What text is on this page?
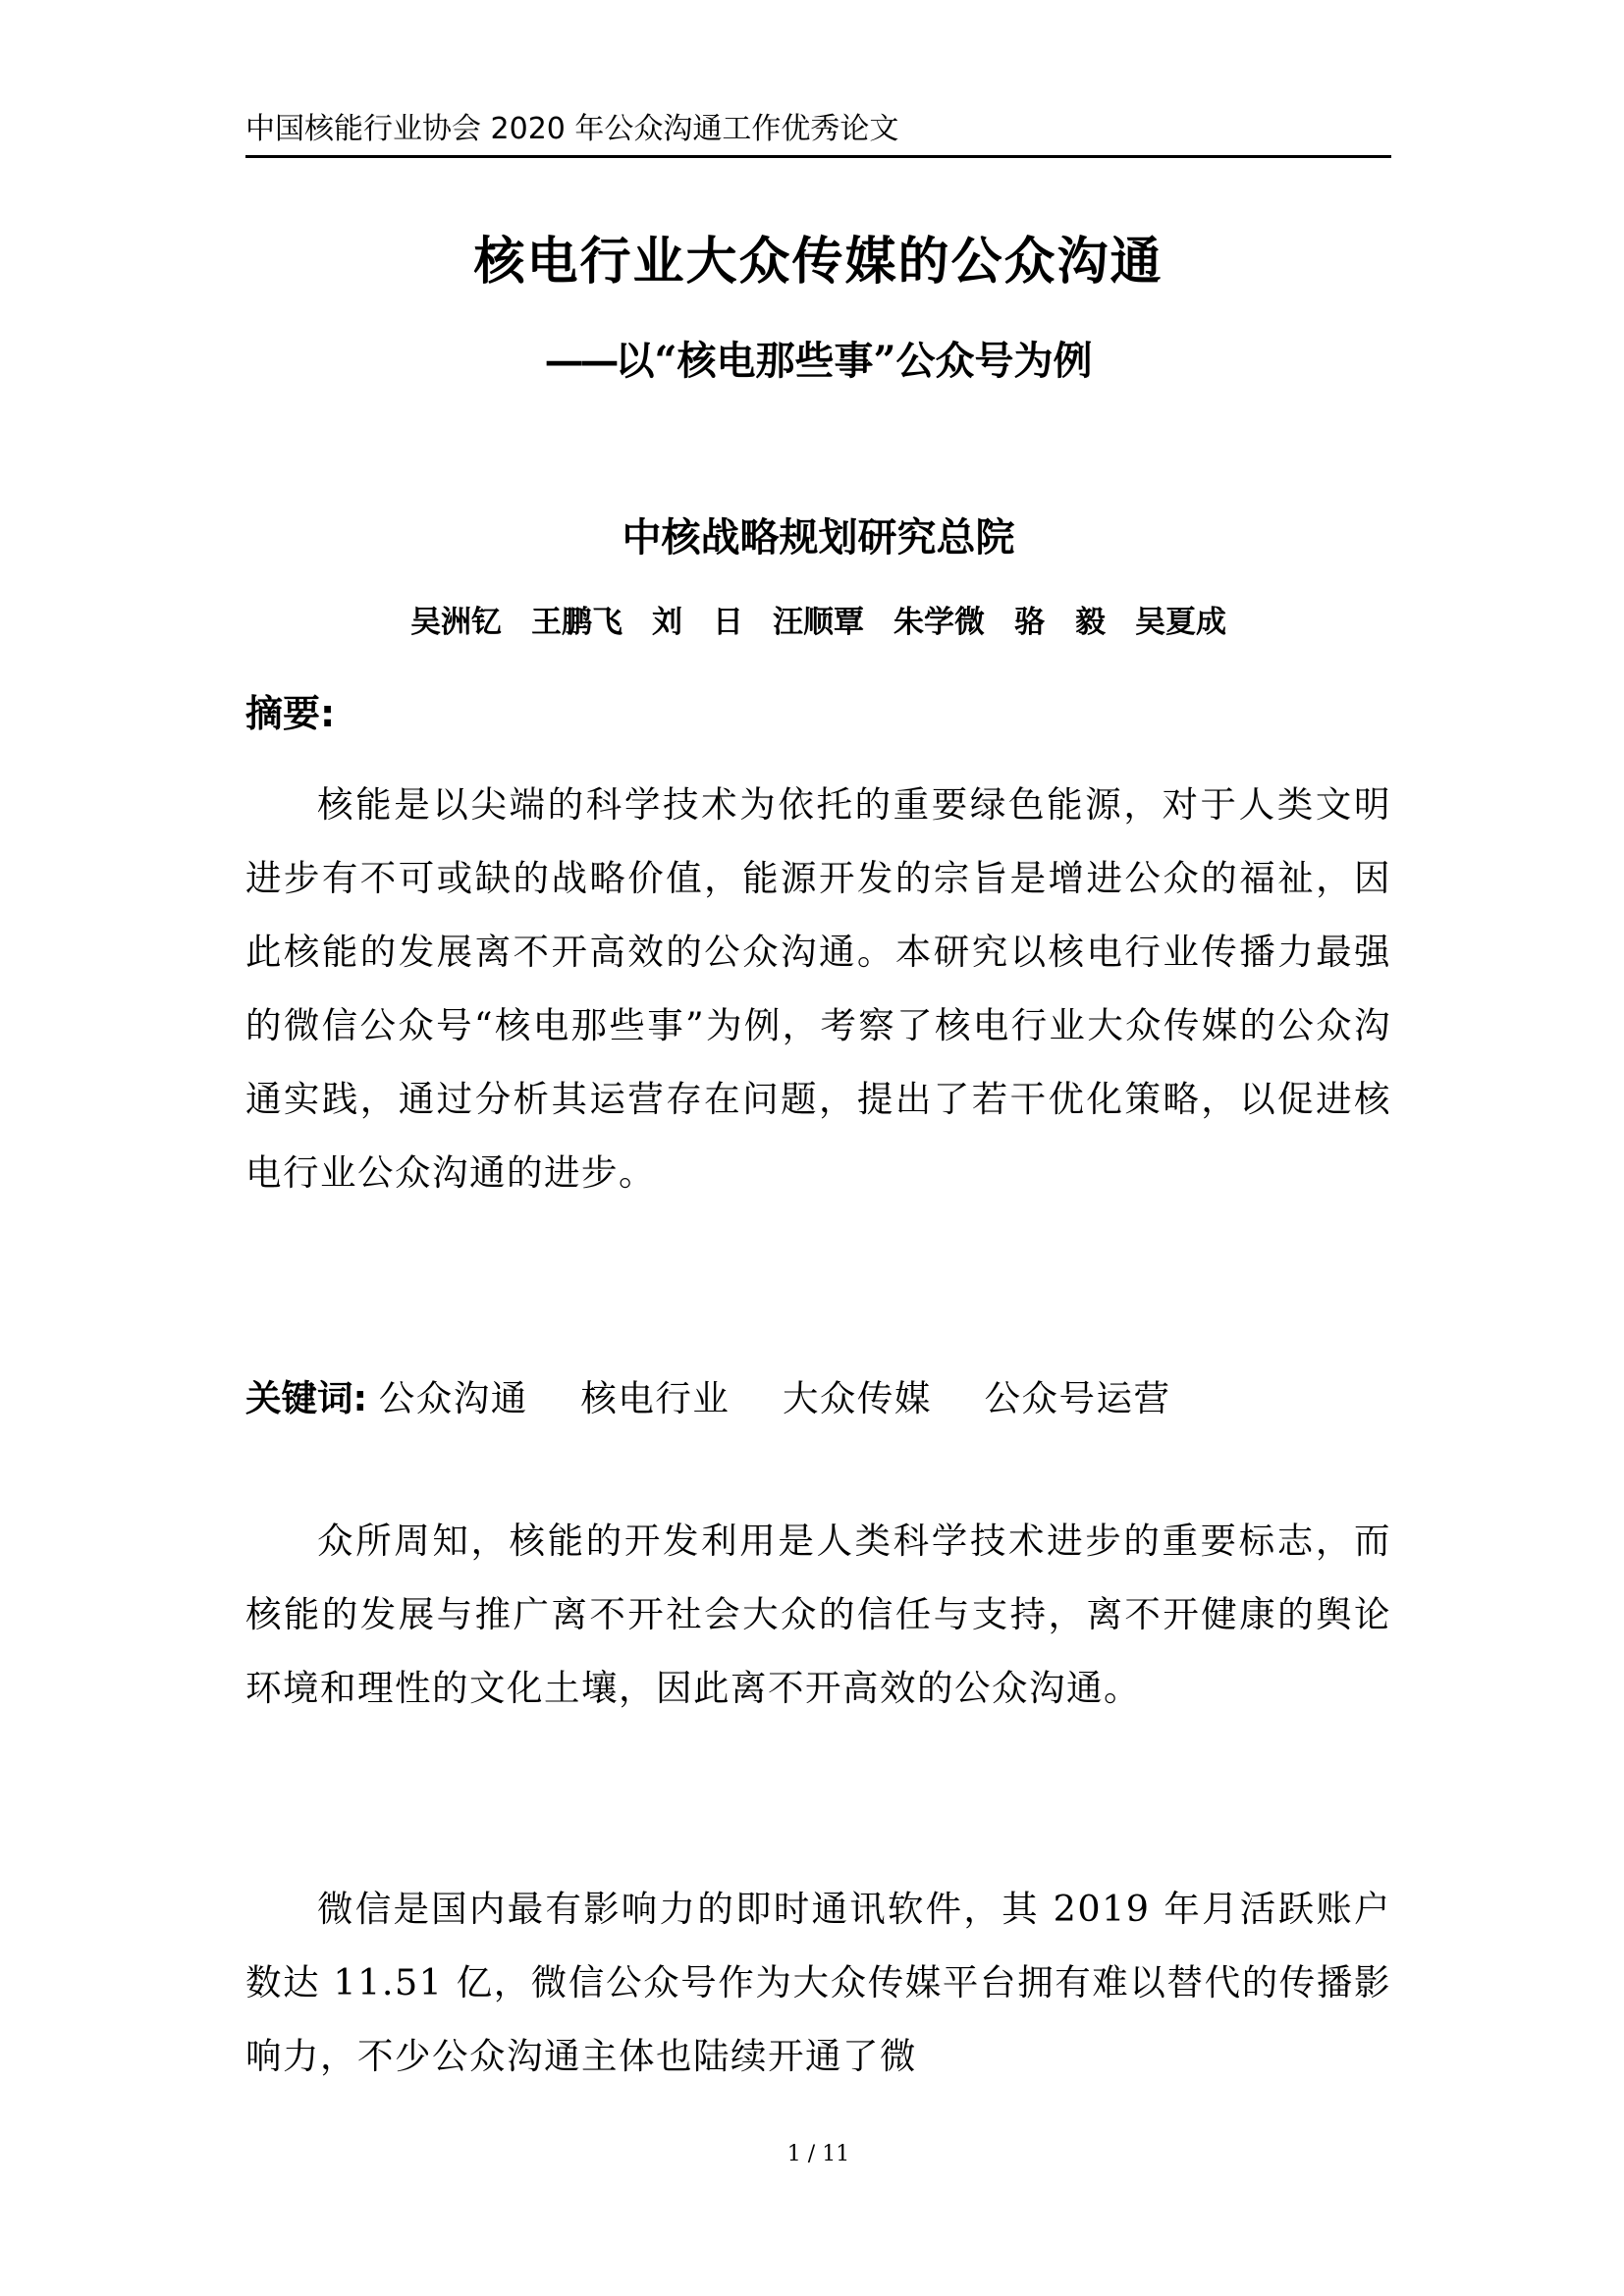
中国核能行业协会 2020 年公众沟通工作优秀论文
核电行业大众传媒的公众沟通
——以“核电那些事”公众号为例
中核战略规划研究总院
吴洲钇 王鹏飞 刘　日 汪顺覃 朱学微 骆　毅 吴夏成
摘要:

核能是以尖端的科学技术为依托的重要绿色能源，对于人类文明进步有不可或缺的战略价值，能源开发的宗旨是增进公众的福祉，因此核能的发展离不开高效的公众沟通。本研究以核电行业传播力最强的微信公众号“核电那些事”为例，考察了核电行业大众传媒的公众沟通实践，通过分析其运营存在问题，提出了若干优化策略，以促进核电行业公众沟通的进步。

关键词: 公众沟通 核电行业 大众传媒 公众号运营

众所周知，核能的开发利用是人类科学技术进步的重要标志，而核能的发展与推广离不开社会大众的信任与支持，离不开健康的舆论环境和理性的文化土壤，因此离不开高效的公众沟通。

微信是国内最有影响力的即时通讯软件，其 2019 年月活跃账户数达 11.51 亿，微信公众号作为大众传媒平台拥有难以替代的传播影响力，不少公众沟通主体也陆续开通了微

1 / 11
